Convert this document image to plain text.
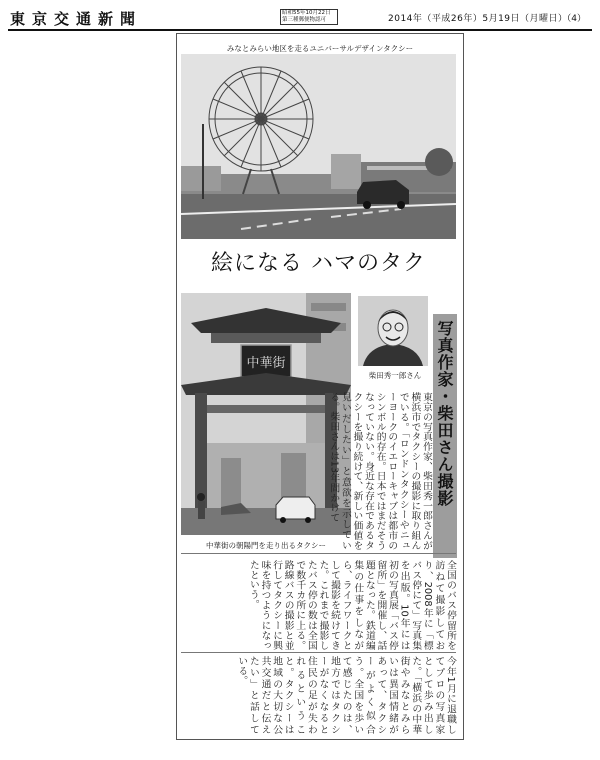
東京交通新聞	昭和55年10月22日
第三種郵便物認可	2014年（平成26年）5月19日（月曜日）
（4）
みなとみらい地区を走るユニバーサルデザインタクシー
絵になる ハマのタク
中華街
中華街の朝陽門を走り出るタクシー
柴田秀一郎さん 写真作家・柴田さん撮影
東京の写真作家、柴田秀一郎さんが横浜市でタクシーの撮影に取り組んでいる。「ロンドンタクシーやニューヨークのイエローキャブは都市のシンボル的存在。日本ではまだそうなっていない。身近な存在であるタクシーを撮り続けて、新しい価値を見いだしたい」と意欲を示している。柴田さんは13年間かけて
全国のバス停留所を訪ねて撮影しており、2008年に「標 バス停にて」写真集を出版。10年には初の写真展「バス停留所」を開催し、話題となった。鉄道編集の仕事をしながら、ライフワークとして撮影を続けてきた。これまで撮影したバス停の数は全国で数千カ所に上る。路線バスの撮影と並行してタクシーに興味を持つようになったという。
今年1月に退職してプロの写真家として歩み出した。「横浜の中華街やみなとみらいは異国情緒があって、タクシーがよく似合う。全国を歩いて感じたのは、地方ではタクシーがなくなると住民の足が失われるということ。タクシーは地域の大切な公共交通だと伝えたい」と話している。
